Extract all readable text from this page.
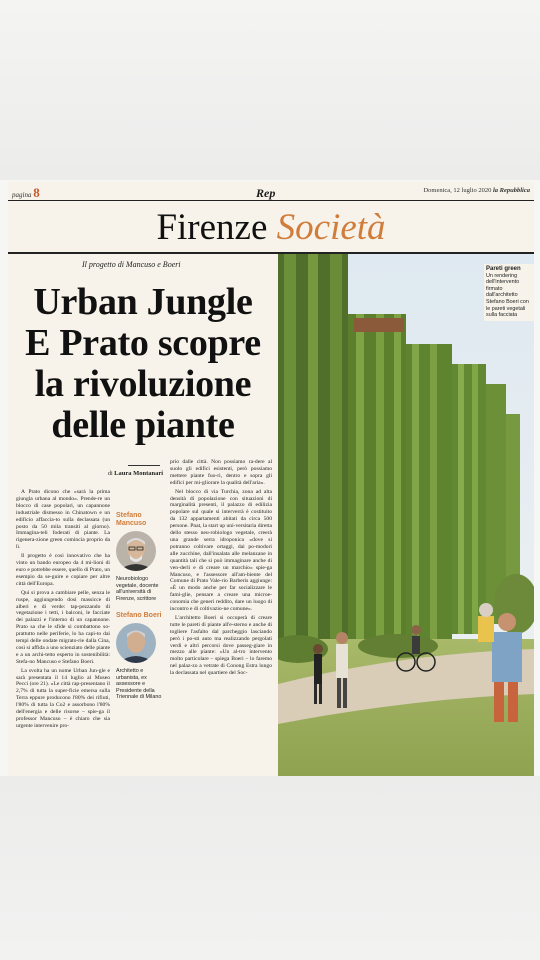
pagina 8	Rep	Domenica, 12 luglio 2020 la Repubblica
Firenze Società
Il progetto di Mancuso e Boeri
Urban Jungle E Prato scopre la rivoluzione delle piante
di Laura Montanari

A Prato dicono che «sarà la prima giungla urbana al mondo». Prende-re un blocco di case popolari, un capannone industriale dismesso in Chinatown e un edificio affaccia-to sulla declassata (un posto da 50 mila transiti al giorno). Immagina-teli foderati di piante. La rigenera-zione green comincia proprio da lì.

Il progetto è così innovativo che ha vinto un bando europeo da 4 mi-lioni di euro e potrebbe essere, quello di Prato, un esempio da se-guire e copiare per altre città dell'Europa.

Qui si prova a cambiare pelle, senza le ruspe, aggiungendo dosi massicce di alberi e di verde: tap-pezzando di vegetazione i tetti, i balconi, le facciate dei palazzi e l'interno di un capannone. Prato sa che le sfide si combattono so-prattutto nelle periferie, lo ha capi-to dai tempi delle ondate migrato-rie dalla Cina, così si affida a uno scienziato delle piante e a un archi-tetto esperto in sostenibilità: Stefa-no Mancuso e Stefano Boeri.

La svolta ha un nome Urban Jun-gle e sarà presentata il 14 luglio al Museo Pecci (ore 21). «Le città rap-presentano il 2,7% di tutta la super-ficie emersa sulla Terra eppure producono l'80% dei rifiuti, l'80% di tutta la Co2 e assorbono l'80% dell'energia e delle risorse – spie-ga il professor Mancuso – è chiaro che sia urgente intervenire pro-

Stefano Mancuso
Neurobiologo vegetale, docente all'università di Firenze, scrittore
Stefano Boeri
Architetto e urbanista, ex assessore e Presidente della Triennale di Milano

prio dalle città. Non possiamo ra-dere al suolo gli edifici esistenti, però possiamo mettere piante fuo-ri, dentro e sopra gli edifici per mi-gliorare la qualità dell'aria».

Nel blocco di via Turchia, zona ad alta densità di popolazione con situazioni di marginalità presenti, il palazzo di edilizia popolare sul quale si interverrà è costituito da 132 appartamenti abitati da circa 500 persone. Pnat, la start up uni-versitaria diretta dello stesso neu-robiologo vegetale, creerà una grande serra idroponica «dove si potranno coltivare ortaggi, dai po-modori alle zucchine, dall'insalata alle melanzane in quantità tali che si può immaginare anche di ven-derli e di creare un marchio» spie-ga Mancuso, e l'assessore all'am-biente del Comune di Prato Vale-rio Barberis aggiunge: «È un modo anche per far socializzare le fami-glie, pensare a creare una microe-conomia che generi reddito, dare un luogo di incontro e di coltivazio-ne comune».

L'architetto Boeri si occuperà di creare tutte le pareti di piante all'e-sterno e anche di togliere l'asfalto dal parcheggio lasciando però i po-sti auto ma realizzando pergolati verdi e altri percorsi dove passeg-giare in mezzo alle piante: «Un al-tro intervento molto particolare – spiega Boeri – lo faremo nel palaz-zo a vetrate di Conong Estra lungo la declassata nel quartiere del Soc-

Pareti green
Un rendering dell'intervento firmato dall'architetto Stefano Boeri con le pareti vegetali sulla facciata
